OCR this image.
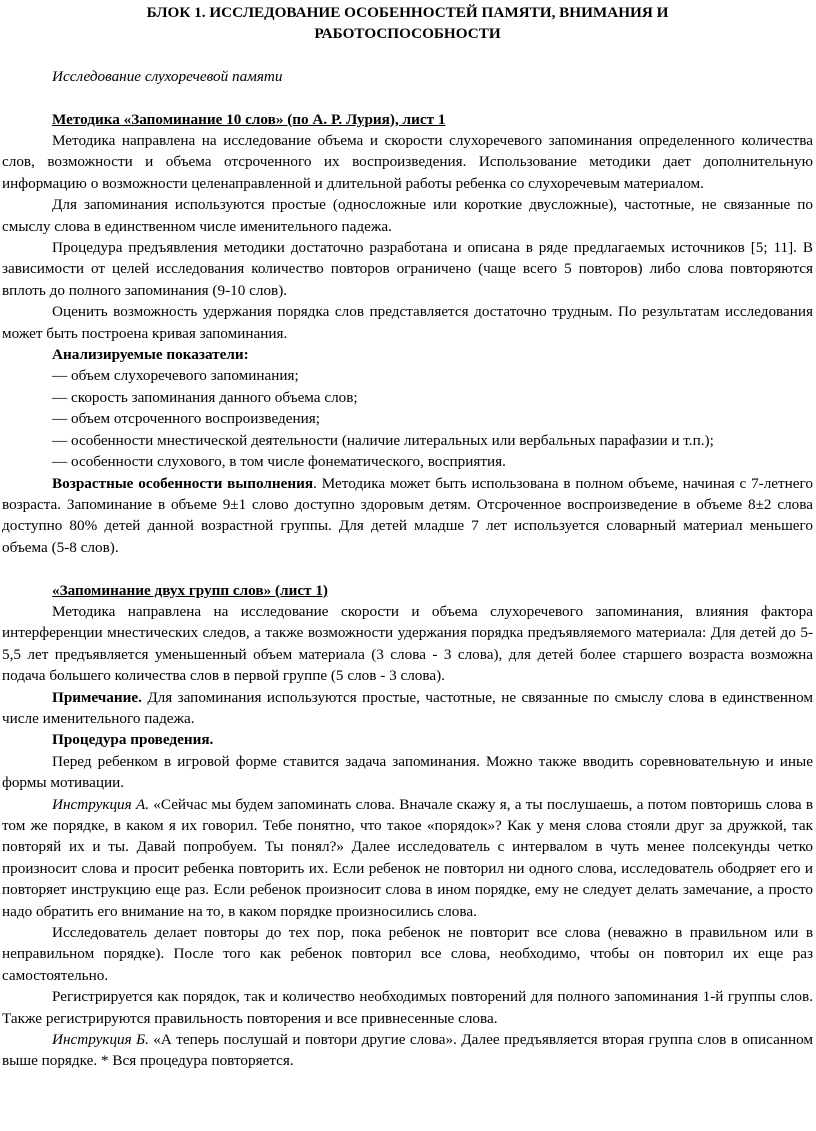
БЛОК 1. ИССЛЕДОВАНИЕ ОСОБЕННОСТЕЙ ПАМЯТИ, ВНИМАНИЯ И РАБОТОСПОСОБНОСТИ

Исследование слухоречевой памяти

Методика «Запоминание 10 слов» (по А. Р. Лурия), лист 1

Методика направлена на исследование объема и скорости слухоречевого запоминания определенного количества слов, возможности и объема отсроченного их воспроизведения. Использование методики дает дополнительную информацию о возможности целенаправленной и длительной работы ребенка со слухоречевым материалом.

Для запоминания используются простые (односложные или короткие двусложные), частотные, не связанные по смыслу слова в единственном числе именительного падежа.

Процедура предъявления методики достаточно разработана и описана в ряде предлагаемых источников [5; 11]. В зависимости от целей исследования количество повторов ограничено (чаще всего 5 повторов) либо слова повторяются вплоть до полного запоминания (9-10 слов).

Оценить возможность удержания порядка слов представляется достаточно трудным. По результатам исследования может быть построена кривая запоминания.

Анализируемые показатели:

— объем слухоречевого запоминания;

— скорость запоминания данного объема слов;

— объем отсроченного воспроизведения;

— особенности мнестической деятельности (наличие литеральных или вербальных парафазии и т.п.);

— особенности слухового, в том числе фонематического, восприятия.

Возрастные особенности выполнения. Методика может быть использована в полном объеме, начиная с 7-летнего возраста. Запоминание в объеме 9±1 слово доступно здоровым детям. Отсроченное воспроизведение в объеме 8±2 слова доступно 80% детей данной возрастной группы. Для детей младше 7 лет используется словарный материал меньшего объема (5-8 слов).

«Запоминание двух групп слов» (лист 1)

Методика направлена на исследование скорости и объема слухоречевого запоминания, влияния фактора интерференции мнестических следов, а также возможности удержания порядка предъявляемого материала: Для детей до 5-5,5 лет предъявляется уменьшенный объем материала (3 слова - 3 слова), для детей более старшего возраста возможна подача большего количества слов в первой группе (5 слов - 3 слова).

Примечание. Для запоминания используются простые, частотные, не связанные по смыслу слова в единственном числе именительного падежа.

Процедура проведения.

Перед ребенком в игровой форме ставится задача запоминания. Можно также вводить соревновательную и иные формы мотивации.

Инструкция А. «Сейчас мы будем запоминать слова. Вначале скажу я, а ты послушаешь, а потом повторишь слова в том же порядке, в каком я их говорил. Тебе понятно, что такое «порядок»? Как у меня слова стояли друг за дружкой, так повторяй их и ты. Давай попробуем. Ты понял?» Далее исследователь с интервалом в чуть менее полсекунды четко произносит слова и просит ребенка повторить их. Если ребенок не повторил ни одного слова, исследователь ободряет его и повторяет инструкцию еще раз. Если ребенок произносит слова в ином порядке, ему не следует делать замечание, а просто надо обратить его внимание на то, в каком порядке произносились слова.

Исследователь делает повторы до тех пор, пока ребенок не повторит все слова (неважно в правильном или в неправильном порядке). После того как ребенок повторил все слова, необходимо, чтобы он повторил их еще раз самостоятельно.

Регистрируется как порядок, так и количество необходимых повторений для полного запоминания 1-й группы слов. Также регистрируются правильность повторения и все привнесенные слова.

Инструкция Б. «А теперь послушай и повтори другие слова». Далее предъявляется вторая группа слов в описанном выше порядке. * Вся процедура повторяется.
